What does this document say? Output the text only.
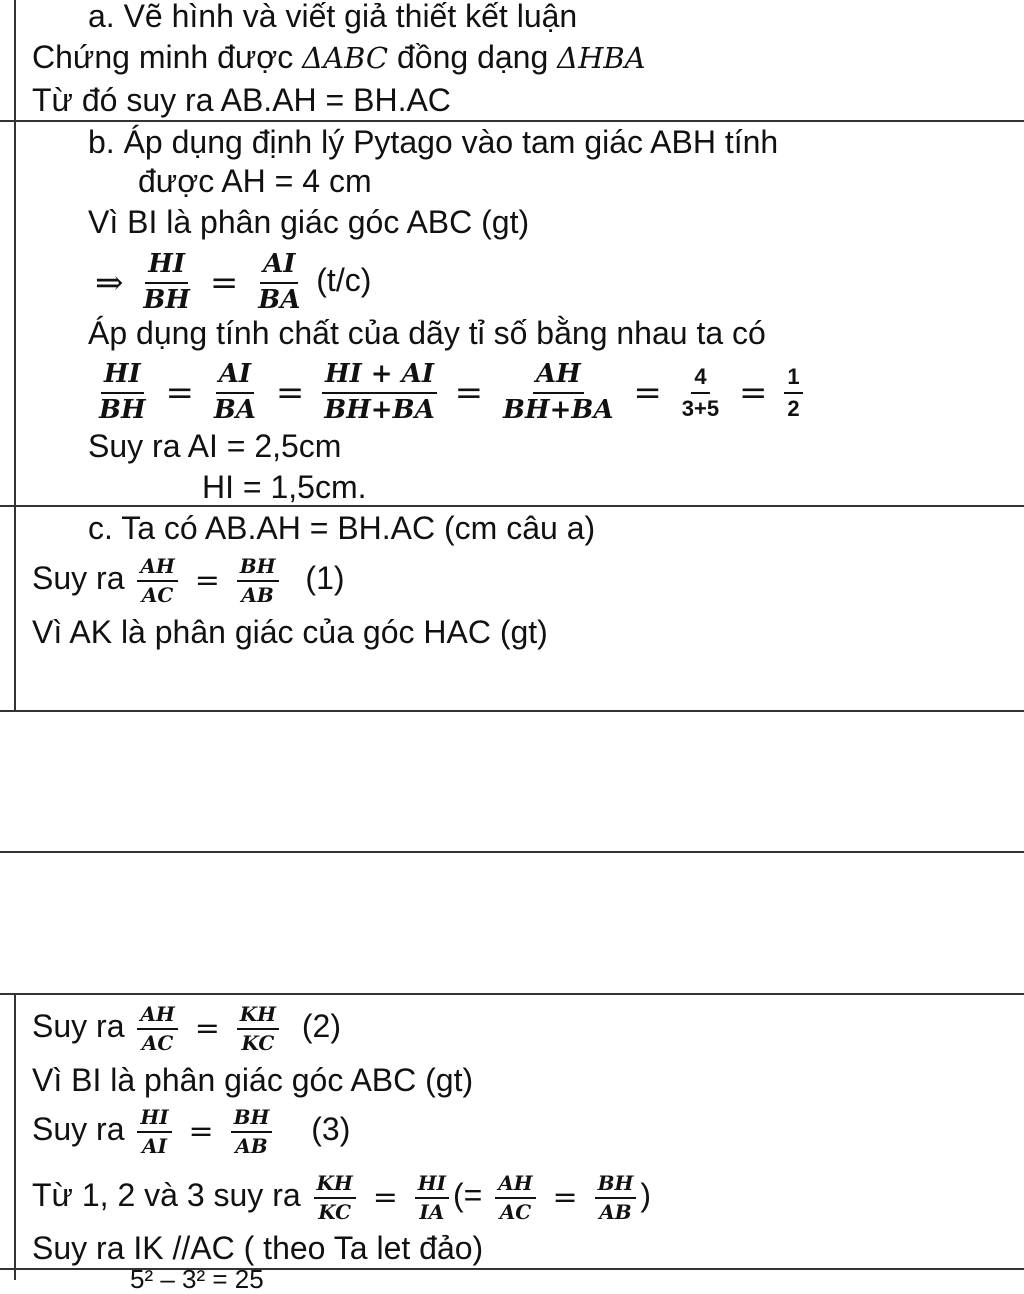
a. Vẽ hình và viết giả thiết kết luận
Chứng minh được ΔABC đồng dạng ΔHBA
Từ đó suy ra AB.AH = BH.AC
b. Áp dụng định lý Pytago vào tam giác ABH tính
được AH = 4 cm
Vì BI là phân giác góc ABC (gt)
⇒ $\frac{HI}{BH} = \frac{AI}{BA} (t/c)$
Áp dụng tính chất của dãy tỉ số bằng nhau ta có
$\frac{HI}{BH} = \frac{AI}{BA} = \frac{HI + AI}{BH+BA} = \frac{AH}{BH+BA} = \frac{4}{3+5} = \frac{1}{2}$
Suy ra AI = 2,5cm
HI = 1,5cm.
c. Ta có AB.AH = BH.AC (cm câu a)
Suy ra $\frac{AH}{AC} = \frac{BH}{AB} (1)$
Vì AK là phân giác của góc HAC (gt)
Suy ra $\frac{AH}{AC} = \frac{KH}{KC} (2)$
Vì BI là phân giác góc ABC (gt)
Suy ra $\frac{HI}{AI} = \frac{BH}{AB} (3)$
Từ 1, 2 và 3 suy ra $\frac{KH}{KC} = \frac{HI}{IA}$ (= $\frac{AH}{AC} = \frac{BH}{AB}$ )
Suy ra IK //AC ( theo Ta let đảo)
5² – 3² = 25
